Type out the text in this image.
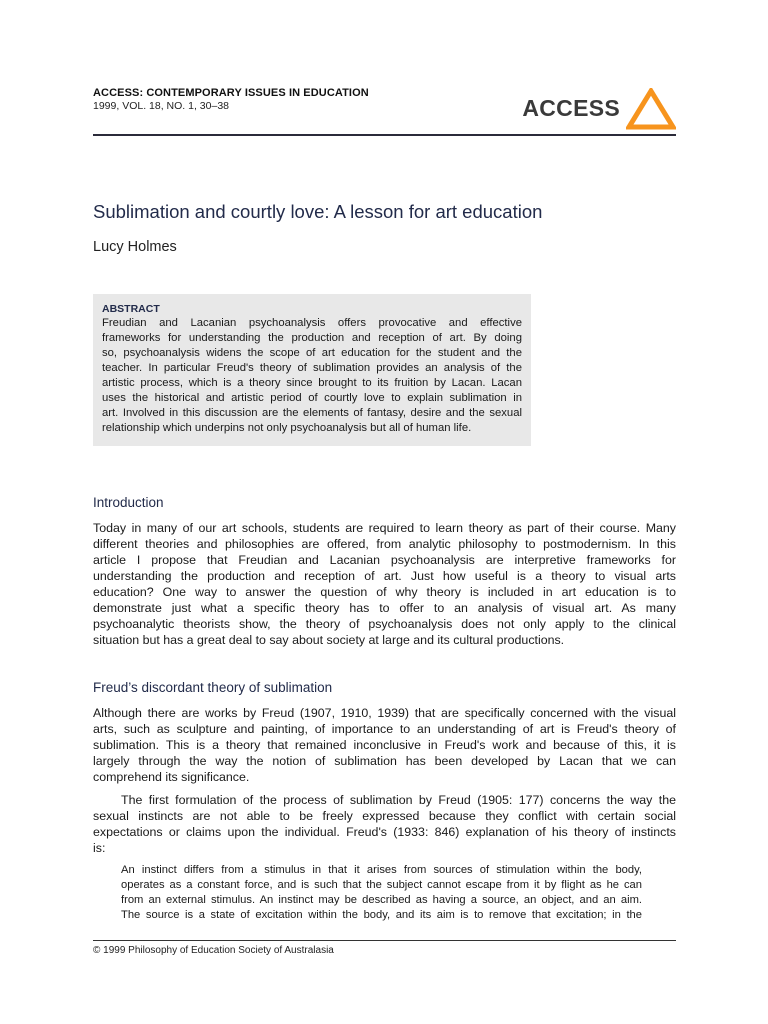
ACCESS: CONTEMPORARY ISSUES IN EDUCATION
1999, VOL. 18, NO. 1, 30–38	ACCESS
Sublimation and courtly love: A lesson for art education
Lucy Holmes
ABSTRACT
Freudian and Lacanian psychoanalysis offers provocative and effective
frameworks for understanding the production and reception of art. By doing
so, psychoanalysis widens the scope of art education for the student and the
teacher. In particular Freud's theory of sublimation provides an analysis of the
artistic process, which is a theory since brought to its fruition by Lacan. Lacan
uses the historical and artistic period of courtly love to explain sublimation in
art. Involved in this discussion are the elements of fantasy, desire and the sexual
relationship which underpins not only psychoanalysis but all of human life.
Introduction
Today in many of our art schools, students are required to learn theory as part of their course. Many
different theories and philosophies are offered, from analytic philosophy to postmodernism. In this
article I propose that Freudian and Lacanian psychoanalysis are interpretive frameworks for
understanding the production and reception of art. Just how useful is a theory to visual arts
education? One way to answer the question of why theory is included in art education is to
demonstrate just what a specific theory has to offer to an analysis of visual art. As many
psychoanalytic theorists show, the theory of psychoanalysis does not only apply to the clinical
situation but has a great deal to say about society at large and its cultural productions.
Freud’s discordant theory of sublimation
Although there are works by Freud (1907, 1910, 1939) that are specifically concerned with the visual
arts, such as sculpture and painting, of importance to an understanding of art is Freud's theory of
sublimation. This is a theory that remained inconclusive in Freud's work and because of this, it is
largely through the way the notion of sublimation has been developed by Lacan that we can
comprehend its significance.
The first formulation of the process of sublimation by Freud (1905: 177) concerns the way the
sexual instincts are not able to be freely expressed because they conflict with certain social
expectations or claims upon the individual. Freud's (1933: 846) explanation of his theory of instincts
is:
An instinct differs from a stimulus in that it arises from sources of stimulation within the body,
operates as a constant force, and is such that the subject cannot escape from it by flight as he can
from an external stimulus. An instinct may be described as having a source, an object, and an aim.
The source is a state of excitation within the body, and its aim is to remove that excitation; in the
© 1999 Philosophy of Education Society of Australasia
